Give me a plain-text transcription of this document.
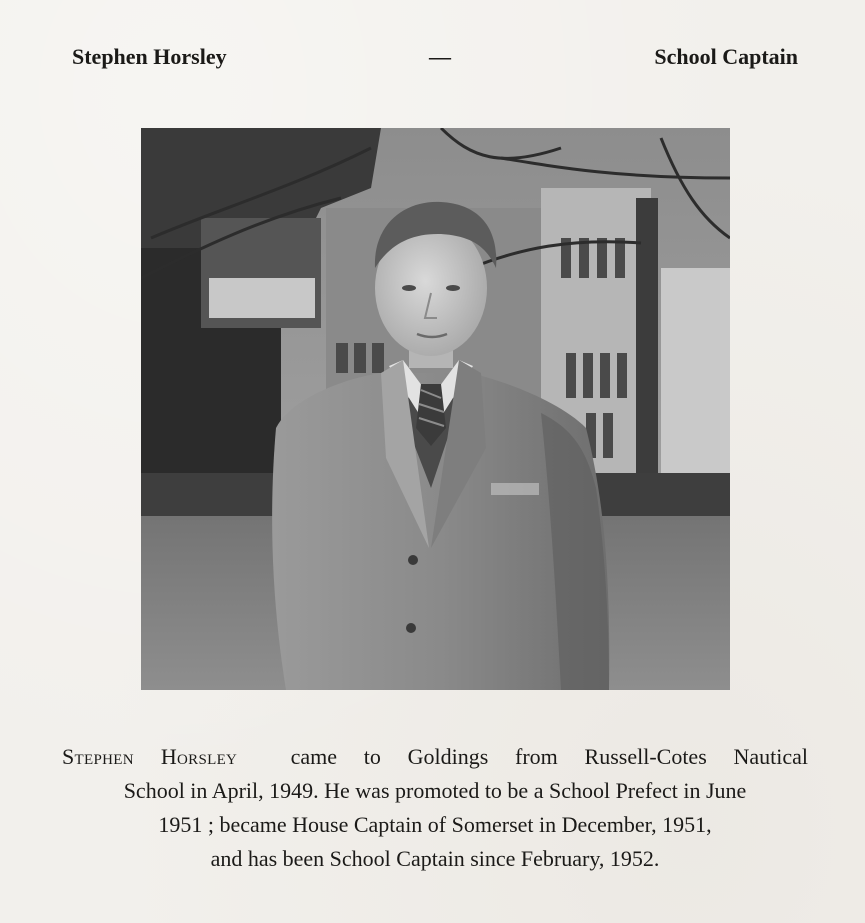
Stephen Horsley	—	School Captain
Stephen Horsley came to Goldings from Russell-Cotes Nautical
School in April, 1949. He was promoted to be a School Prefect in June
1951 ; became House Captain of Somerset in December, 1951,
and has been School Captain since February, 1952.
